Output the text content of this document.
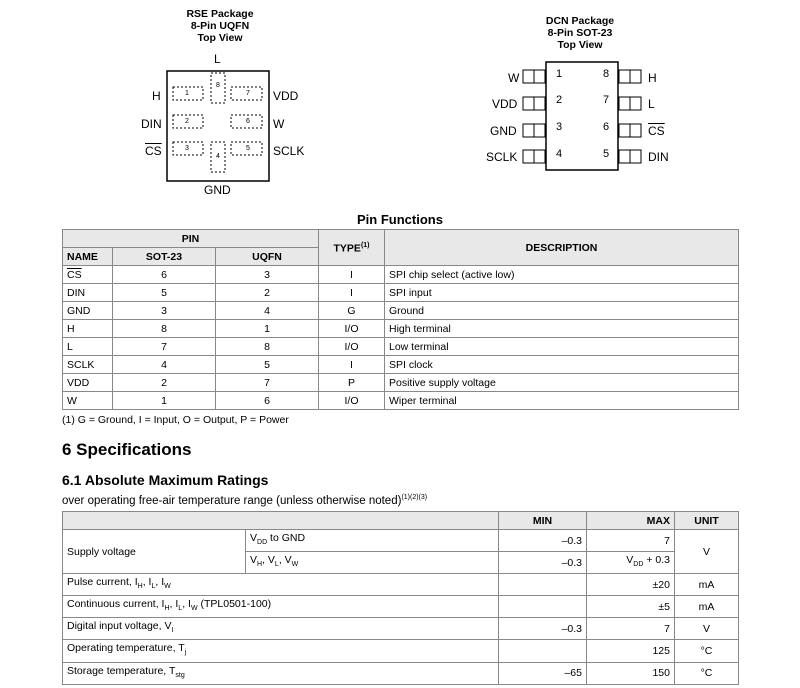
RSE Package
8-Pin UQFN
Top View
L
1
2
3
4
5
6
7
8
H
DIN
$\overline{CS}$
VDD
W
SCLK
GND
DCN Package
8-Pin SOT-23
Top View
1
2
3
4
8
7
6
5
W
VDD
GND
SCLK
H
L
$\overline{CS}$
DIN
Pin Functions
PIN			TYPE$^{(1)}$	DESCRIPTION
NAME	SOT-23	UQFN		
$\overline{CS}$	6	3	I	SPI chip select (active low)
DIN	5	2	I	SPI input
GND	3	4	G	Ground
H	8	1	I/O	High terminal
L	7	8	I/O	Low terminal
SCLK	4	5	I	SPI clock
VDD	2	7	P	Positive supply voltage
W	1	6	I/O	Wiper terminal
(1) G = Ground, I = Input, O = Output, P = Power
6 Specifications
6.1 Absolute Maximum Ratings
over operating free-air temperature range (unless otherwise noted)$^{(1)(2)(3)}$
		MIN	MAX	UNIT
Supply voltage	$V_{DD}$ to GND	–0.3	7	V
	$V_H$, $V_L$, $V_W$	–0.3	$V_{DD} + 0.3$	
Pulse current, $I_H$, $I_L$, $I_W$			±20	mA
Continuous current, $I_H$, $I_L$, $I_W$ (TPL0501-100)			±5	mA
Digital input voltage, $V_I$		–0.3	7	V
Operating temperature, $T_j$			125	°C
Storage temperature, $T_{stg}$		–65	150	°C
